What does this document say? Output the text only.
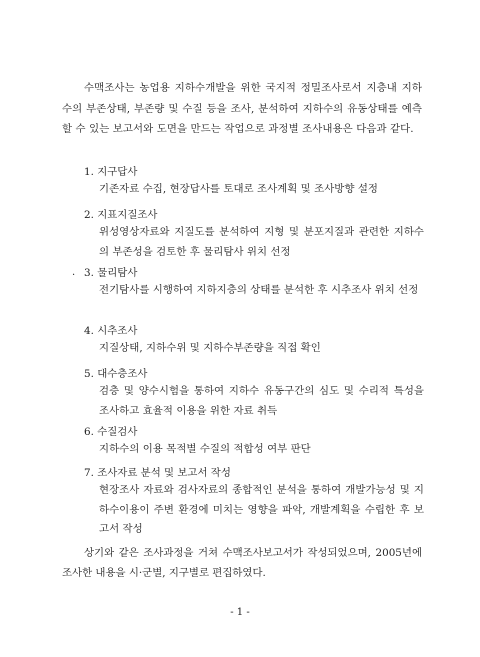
수맥조사는 농업용 지하수개발을 위한 국지적 정밀조사로서 지층내 지하수의 부존상태, 부존량 및 수질 등을 조사, 분석하여 지하수의 유동상태를 예측할 수 있는 보고서와 도면을 만드는 작업으로 과정별 조사내용은 다음과 같다.

1. 지구답사
기존자료 수집, 현장답사를 토대로 조사계획 및 조사방향 설정
2. 지표지질조사
위성영상자료와 지질도를 분석하여 지형 및 분포지질과 관련한 지하수의 부존성을 검토한 후 물리탐사 위치 선정
. 3. 물리탐사
전기탐사를 시행하여 지하지층의 상태를 분석한 후 시추조사 위치 선정
4. 시추조사
지질상태, 지하수위 및 지하수부존량을 직접 확인
5. 대수층조사
검층 및 양수시험을 통하여 지하수 유동구간의 심도 및 수리적 특성을 조사하고 효율적 이용을 위한 자료 취득
6. 수질검사
지하수의 이용 목적별 수질의 적합성 여부 판단
7. 조사자료 분석 및 보고서 작성
현장조사 자료와 검사자료의 종합적인 분석을 통하여 개발가능성 및 지하수이용이 주변 환경에 미치는 영향을 파악, 개발계획을 수립한 후 보고서 작성

상기와 같은 조사과정을 거쳐 수맥조사보고서가 작성되었으며, 2005년에 조사한 내용을 시·군별, 지구별로 편집하였다.

- 1 -
